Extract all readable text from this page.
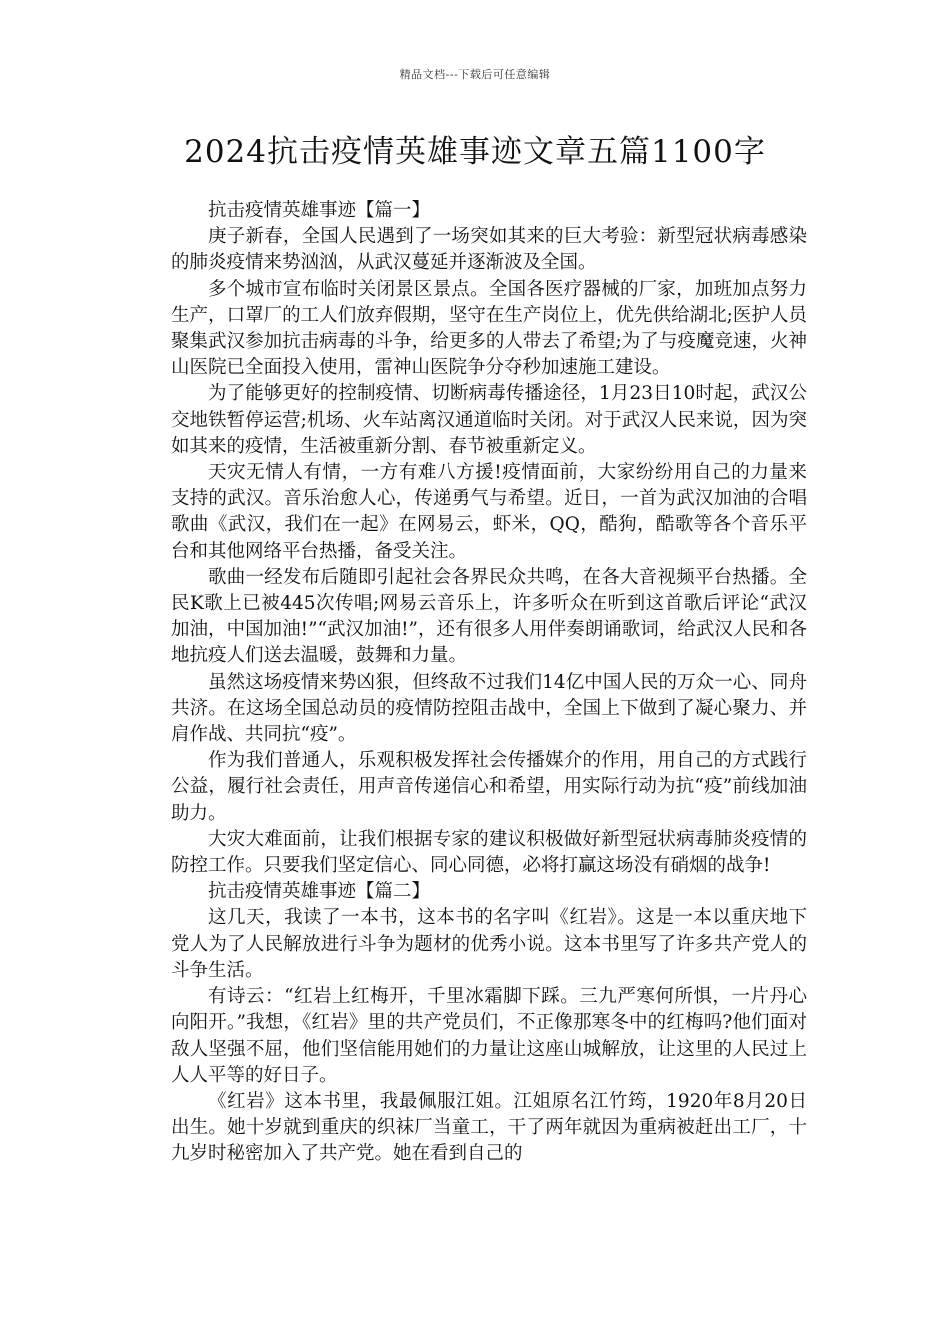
精品文档---下载后可任意编辑
2024抗击疫情英雄事迹文章五篇1100字

抗击疫情英雄事迹【篇一】

庚子新春，全国人民遇到了一场突如其来的巨大考验：新型冠状病毒感染的肺炎疫情来势汹汹，从武汉蔓延并逐渐波及全国。

多个城市宣布临时关闭景区景点。全国各医疗器械的厂家，加班加点努力生产，口罩厂的工人们放弃假期，坚守在生产岗位上，优先供给湖北;医护人员聚集武汉参加抗击病毒的斗争，给更多的人带去了希望;为了与疫魔竞速，火神山医院已全面投入使用，雷神山医院争分夺秒加速施工建设。

为了能够更好的控制疫情、切断病毒传播途径，1月23日10时起，武汉公交地铁暂停运营;机场、火车站离汉通道临时关闭。对于武汉人民来说，因为突如其来的疫情，生活被重新分割、春节被重新定义。

天灾无情人有情，一方有难八方援!疫情面前，大家纷纷用自己的力量来支持的武汉。音乐治愈人心，传递勇气与希望。近日，一首为武汉加油的合唱歌曲《武汉，我们在一起》在网易云，虾米，QQ，酷狗，酷歌等各个音乐平台和其他网络平台热播，备受关注。

歌曲一经发布后随即引起社会各界民众共鸣，在各大音视频平台热播。全民K歌上已被445次传唱;网易云音乐上，许多听众在听到这首歌后评论“武汉加油，中国加油!”“武汉加油!”，还有很多人用伴奏朗诵歌词，给武汉人民和各地抗疫人们送去温暖，鼓舞和力量。

虽然这场疫情来势凶狠，但终敌不过我们14亿中国人民的万众一心、同舟共济。在这场全国总动员的疫情防控阻击战中，全国上下做到了凝心聚力、并肩作战、共同抗“疫”。

作为我们普通人，乐观积极发挥社会传播媒介的作用，用自己的方式践行公益，履行社会责任，用声音传递信心和希望，用实际行动为抗“疫”前线加油助力。

大灾大难面前，让我们根据专家的建议积极做好新型冠状病毒肺炎疫情的防控工作。只要我们坚定信心、同心同德，必将打赢这场没有硝烟的战争!

抗击疫情英雄事迹【篇二】

这几天，我读了一本书，这本书的名字叫《红岩》。这是一本以重庆地下党人为了人民解放进行斗争为题材的优秀小说。这本书里写了许多共产党人的斗争生活。

有诗云：“红岩上红梅开，千里冰霜脚下踩。三九严寒何所惧，一片丹心向阳开。”我想，《红岩》里的共产党员们，不正像那寒冬中的红梅吗?他们面对敌人坚强不屈，他们坚信能用她们的力量让这座山城解放，让这里的人民过上人人平等的好日子。

《红岩》这本书里，我最佩服江姐。江姐原名江竹筠，1920年8月20日出生。她十岁就到重庆的织袜厂当童工，干了两年就因为重病被赶出工厂，十九岁时秘密加入了共产党。她在看到自己的
